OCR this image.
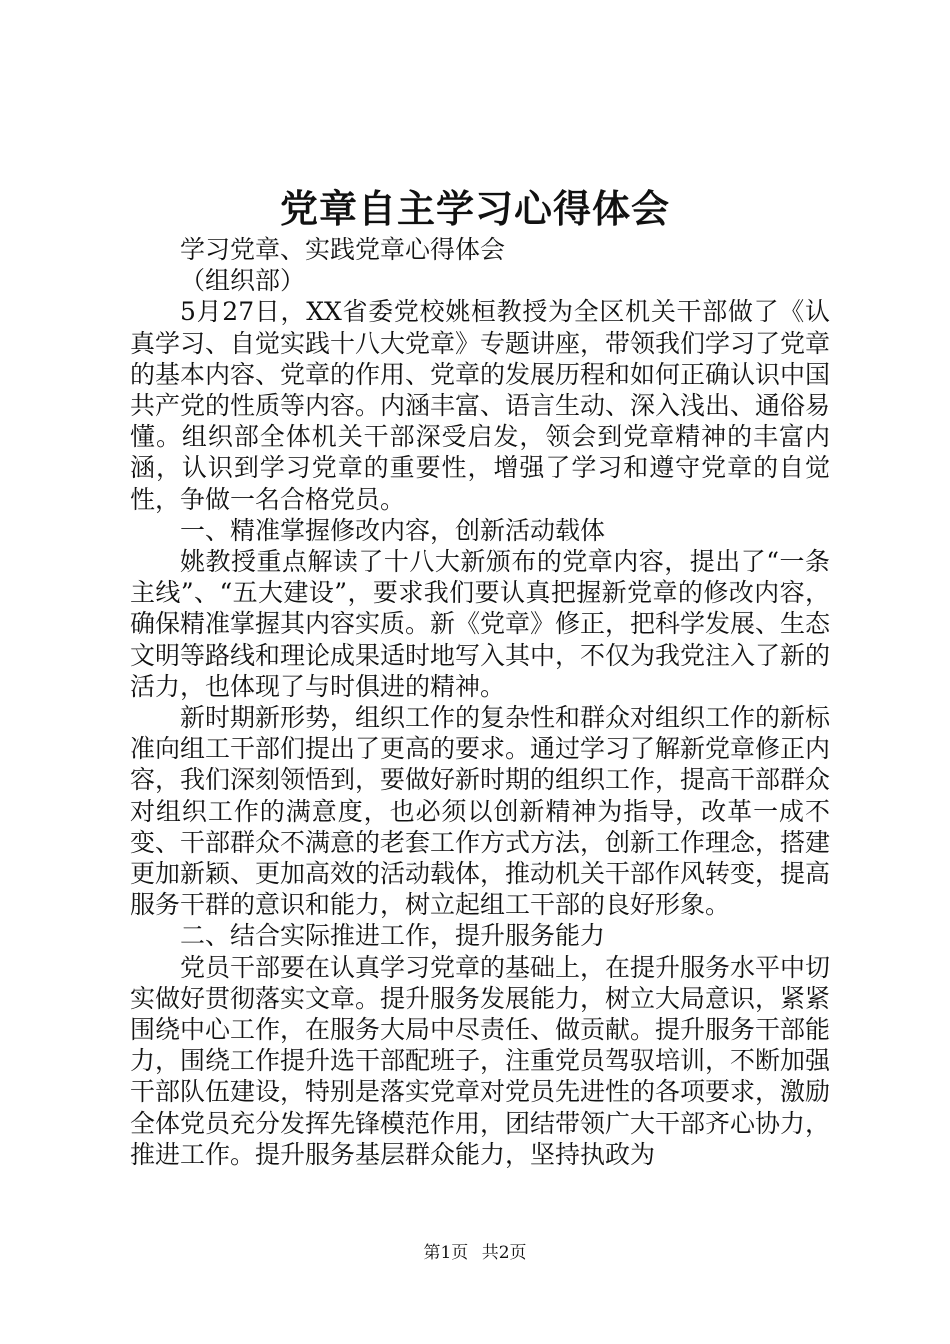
党章自主学习心得体会

学习党章、实践党章心得体会

（组织部）

5月27日，XX省委党校姚桓教授为全区机关干部做了《认真学习、自觉实践十八大党章》专题讲座，带领我们学习了党章的基本内容、党章的作用、党章的发展历程和如何正确认识中国共产党的性质等内容。内涵丰富、语言生动、深入浅出、通俗易懂。组织部全体机关干部深受启发，领会到党章精神的丰富内涵，认识到学习党章的重要性，增强了学习和遵守党章的自觉性，争做一名合格党员。

一、精准掌握修改内容，创新活动载体

姚教授重点解读了十八大新颁布的党章内容，提出了“一条主线”、“五大建设”，要求我们要认真把握新党章的修改内容，确保精准掌握其内容实质。新《党章》修正，把科学发展、生态文明等路线和理论成果适时地写入其中，不仅为我党注入了新的活力，也体现了与时俱进的精神。

新时期新形势，组织工作的复杂性和群众对组织工作的新标准向组工干部们提出了更高的要求。通过学习了解新党章修正内容，我们深刻领悟到，要做好新时期的组织工作，提高干部群众对组织工作的满意度，也必须以创新精神为指导，改革一成不变、干部群众不满意的老套工作方式方法，创新工作理念，搭建更加新颖、更加高效的活动载体，推动机关干部作风转变，提高服务干群的意识和能力，树立起组工干部的良好形象。

二、结合实际推进工作，提升服务能力

党员干部要在认真学习党章的基础上，在提升服务水平中切实做好贯彻落实文章。提升服务发展能力，树立大局意识，紧紧围绕中心工作，在服务大局中尽责任、做贡献。提升服务干部能力，围绕工作提升选干部配班子，注重党员驾驭培训，不断加强干部队伍建设，特别是落实党章对党员先进性的各项要求，激励全体党员充分发挥先锋模范作用，团结带领广大干部齐心协力，推进工作。提升服务基层群众能力，坚持执政为

第1页 共2页
